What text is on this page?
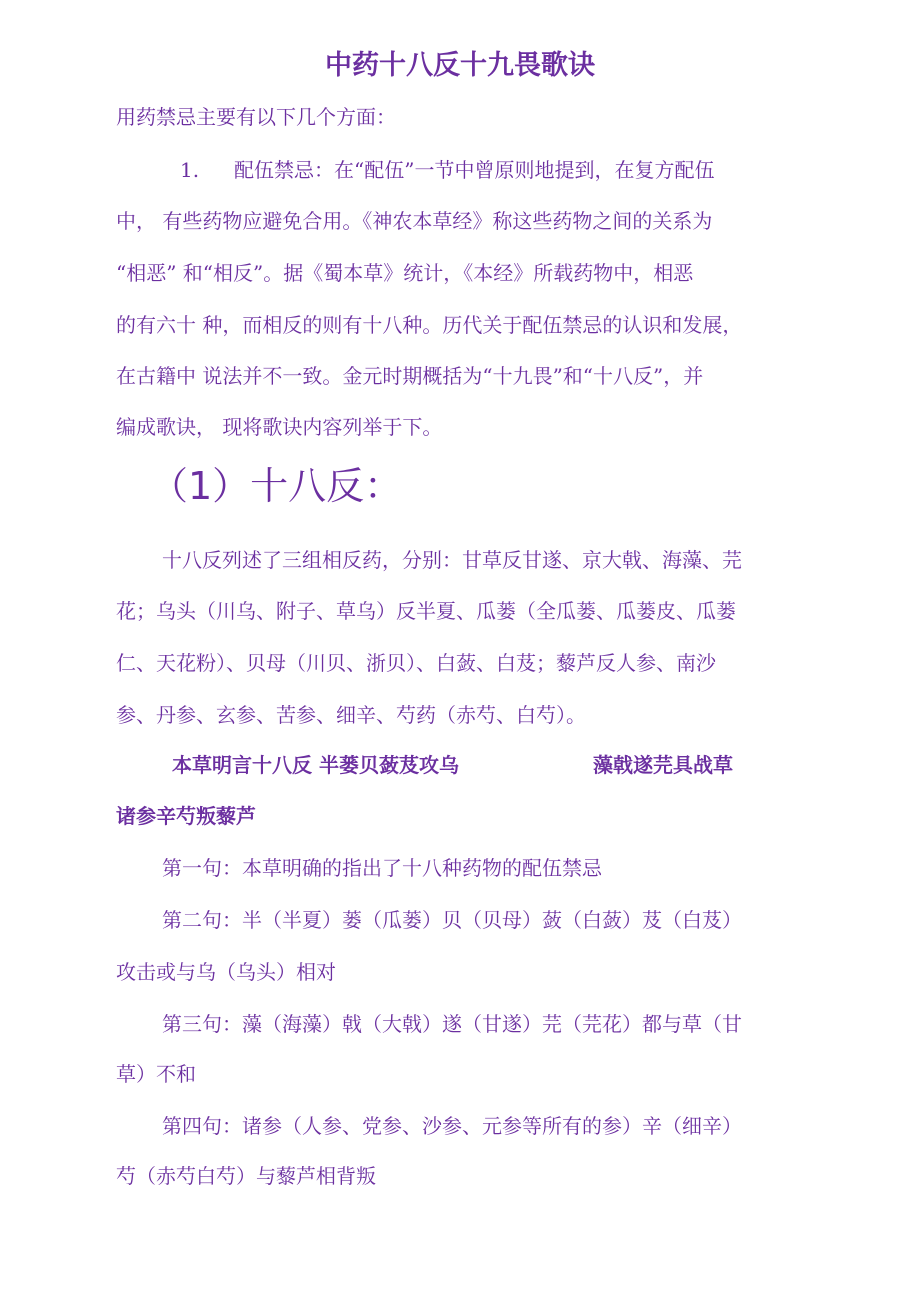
中药十八反十九畏歌诀
用药禁忌主要有以下几个方面：
1. 配伍禁忌：在“配伍”一节中曾原则地提到，在复方配伍
中， 有些药物应避免合用。《神农本草经》称这些药物之间的关系为
“相恶” 和“相反”。据《蜀本草》统计，《本经》所载药物中，相恶
的有六十 种，而相反的则有十八种。历代关于配伍禁忌的认识和发展，
在古籍中 说法并不一致。金元时期概括为“十九畏”和“十八反”，并
编成歌诀， 现将歌诀内容列举于下。
（1）十八反：
十八反列述了三组相反药，分别：甘草反甘遂、京大戟、海藻、芫
花；乌头（川乌、附子、草乌）反半夏、瓜蒌（全瓜蒌、瓜蒌皮、瓜蒌
仁、天花粉）、贝母（川贝、浙贝）、白蔹、白芨；藜芦反人参、南沙
参、丹参、玄参、苦参、细辛、芍药（赤芍、白芍）。
本草明言十八反 半蒌贝蔹芨攻乌	藻戟遂芫具战草
诸参辛芍叛藜芦
第一句：本草明确的指出了十八种药物的配伍禁忌
第二句：半（半夏）蒌（瓜蒌）贝（贝母）蔹（白蔹）芨（白芨）
攻击或与乌（乌头）相对
第三句：藻（海藻）戟（大戟）遂（甘遂）芫（芫花）都与草（甘
草）不和
第四句：诸参（人参、党参、沙参、元参等所有的参）辛（细辛）
芍（赤芍白芍）与藜芦相背叛
